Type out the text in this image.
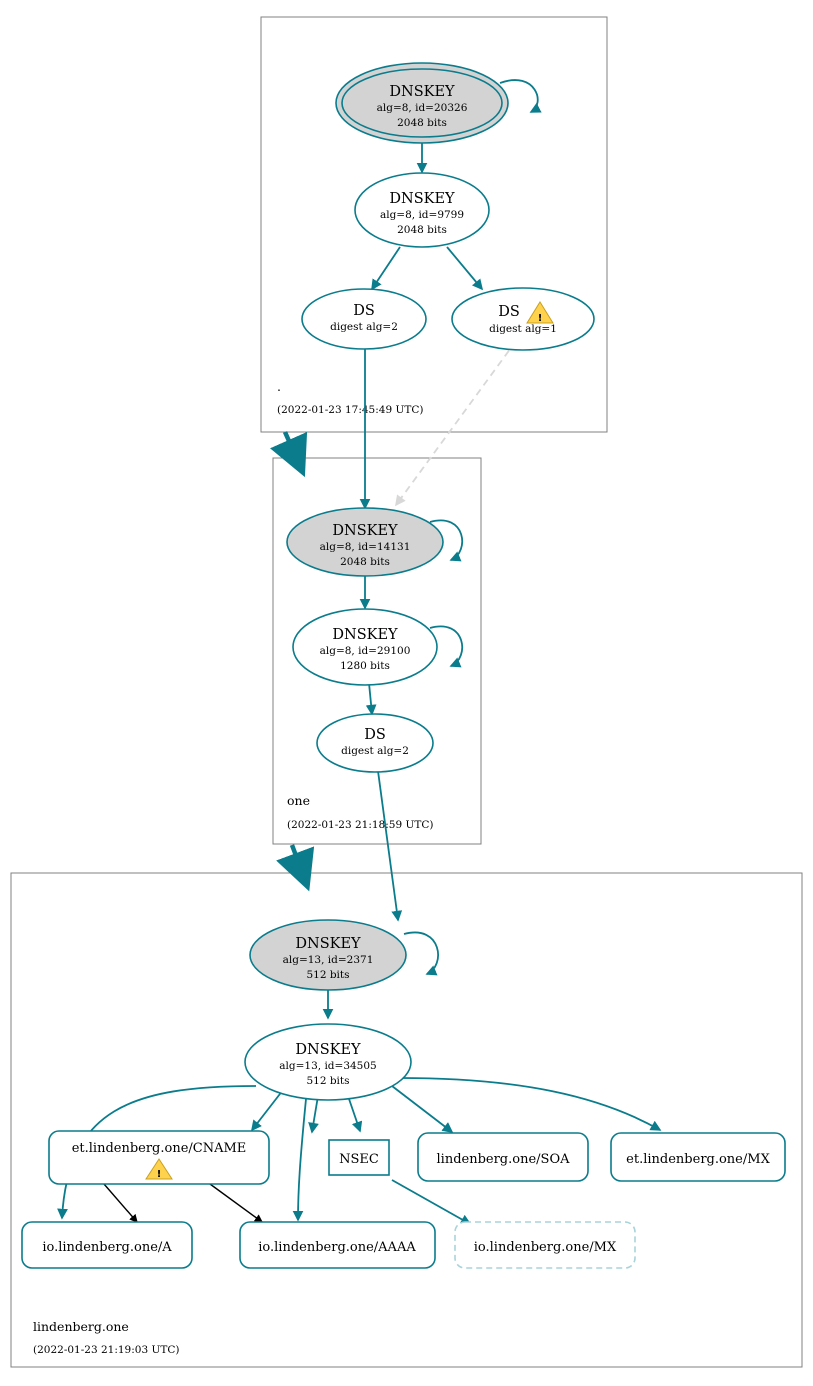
.
(2022-01-23 17:45:49 UTC)
one
(2022-01-23 21:18:59 UTC)
lindenberg.one
(2022-01-23 21:19:03 UTC)
DNSKEY
alg=8, id=20326
2048 bits
DNSKEY
alg=8, id=9799
2048 bits
DS
digest alg=2
DS
digest alg=1
!
DNSKEY
alg=8, id=14131
2048 bits
DNSKEY
alg=8, id=29100
1280 bits
DS
digest alg=2
DNSKEY
alg=13, id=2371
512 bits
DNSKEY
alg=13, id=34505
512 bits
et.lindenberg.one/CNAME
!
NSEC	lindenberg.one/SOA	et.lindenberg.one/MX
io.lindenberg.one/A	io.lindenberg.one/AAAA	io.lindenberg.one/MX
